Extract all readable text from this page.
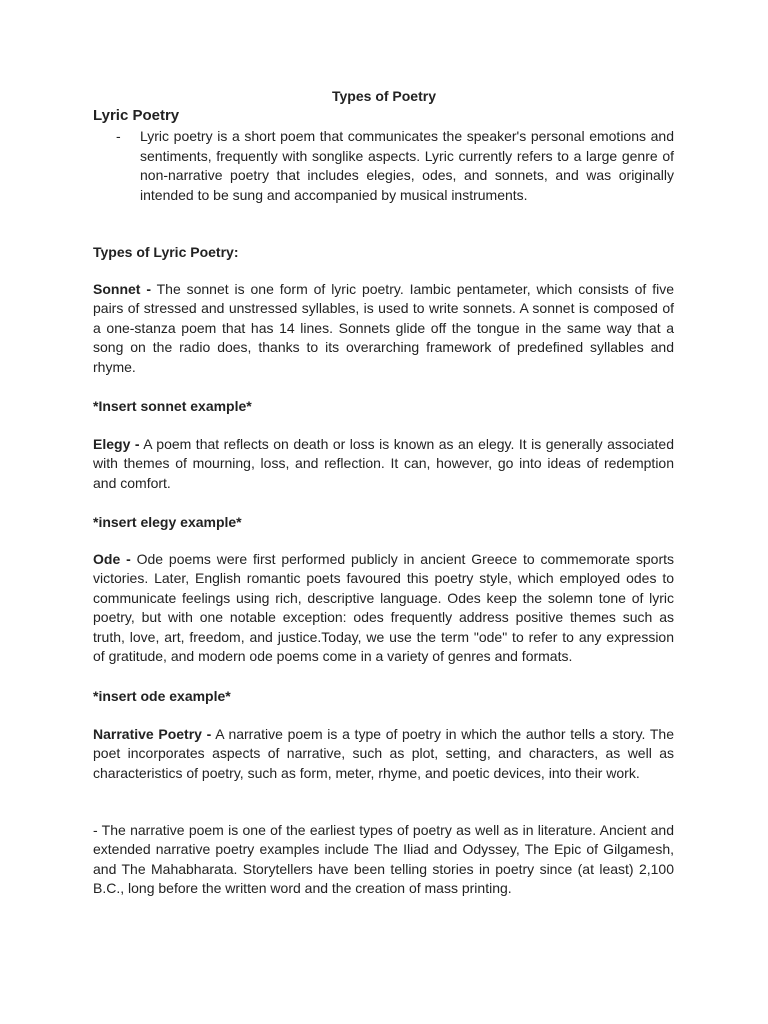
Types of Poetry
Lyric Poetry
- Lyric poetry is a short poem that communicates the speaker's personal emotions and sentiments, frequently with songlike aspects. Lyric currently refers to a large genre of non-narrative poetry that includes elegies, odes, and sonnets, and was originally intended to be sung and accompanied by musical instruments.
Types of Lyric Poetry:
Sonnet - The sonnet is one form of lyric poetry. Iambic pentameter, which consists of five pairs of stressed and unstressed syllables, is used to write sonnets. A sonnet is composed of a one-stanza poem that has 14 lines. Sonnets glide off the tongue in the same way that a song on the radio does, thanks to its overarching framework of predefined syllables and rhyme.
*Insert sonnet example*
Elegy - A poem that reflects on death or loss is known as an elegy. It is generally associated with themes of mourning, loss, and reflection. It can, however, go into ideas of redemption and comfort.
*insert elegy example*
Ode - Ode poems were first performed publicly in ancient Greece to commemorate sports victories. Later, English romantic poets favoured this poetry style, which employed odes to communicate feelings using rich, descriptive language. Odes keep the solemn tone of lyric poetry, but with one notable exception: odes frequently address positive themes such as truth, love, art, freedom, and justice.Today, we use the term "ode" to refer to any expression of gratitude, and modern ode poems come in a variety of genres and formats.
*insert ode example*
Narrative Poetry - A narrative poem is a type of poetry in which the author tells a story. The poet incorporates aspects of narrative, such as plot, setting, and characters, as well as characteristics of poetry, such as form, meter, rhyme, and poetic devices, into their work.
- The narrative poem is one of the earliest types of poetry as well as in literature. Ancient and extended narrative poetry examples include The Iliad and Odyssey, The Epic of Gilgamesh, and The Mahabharata. Storytellers have been telling stories in poetry since (at least) 2,100 B.C., long before the written word and the creation of mass printing.
